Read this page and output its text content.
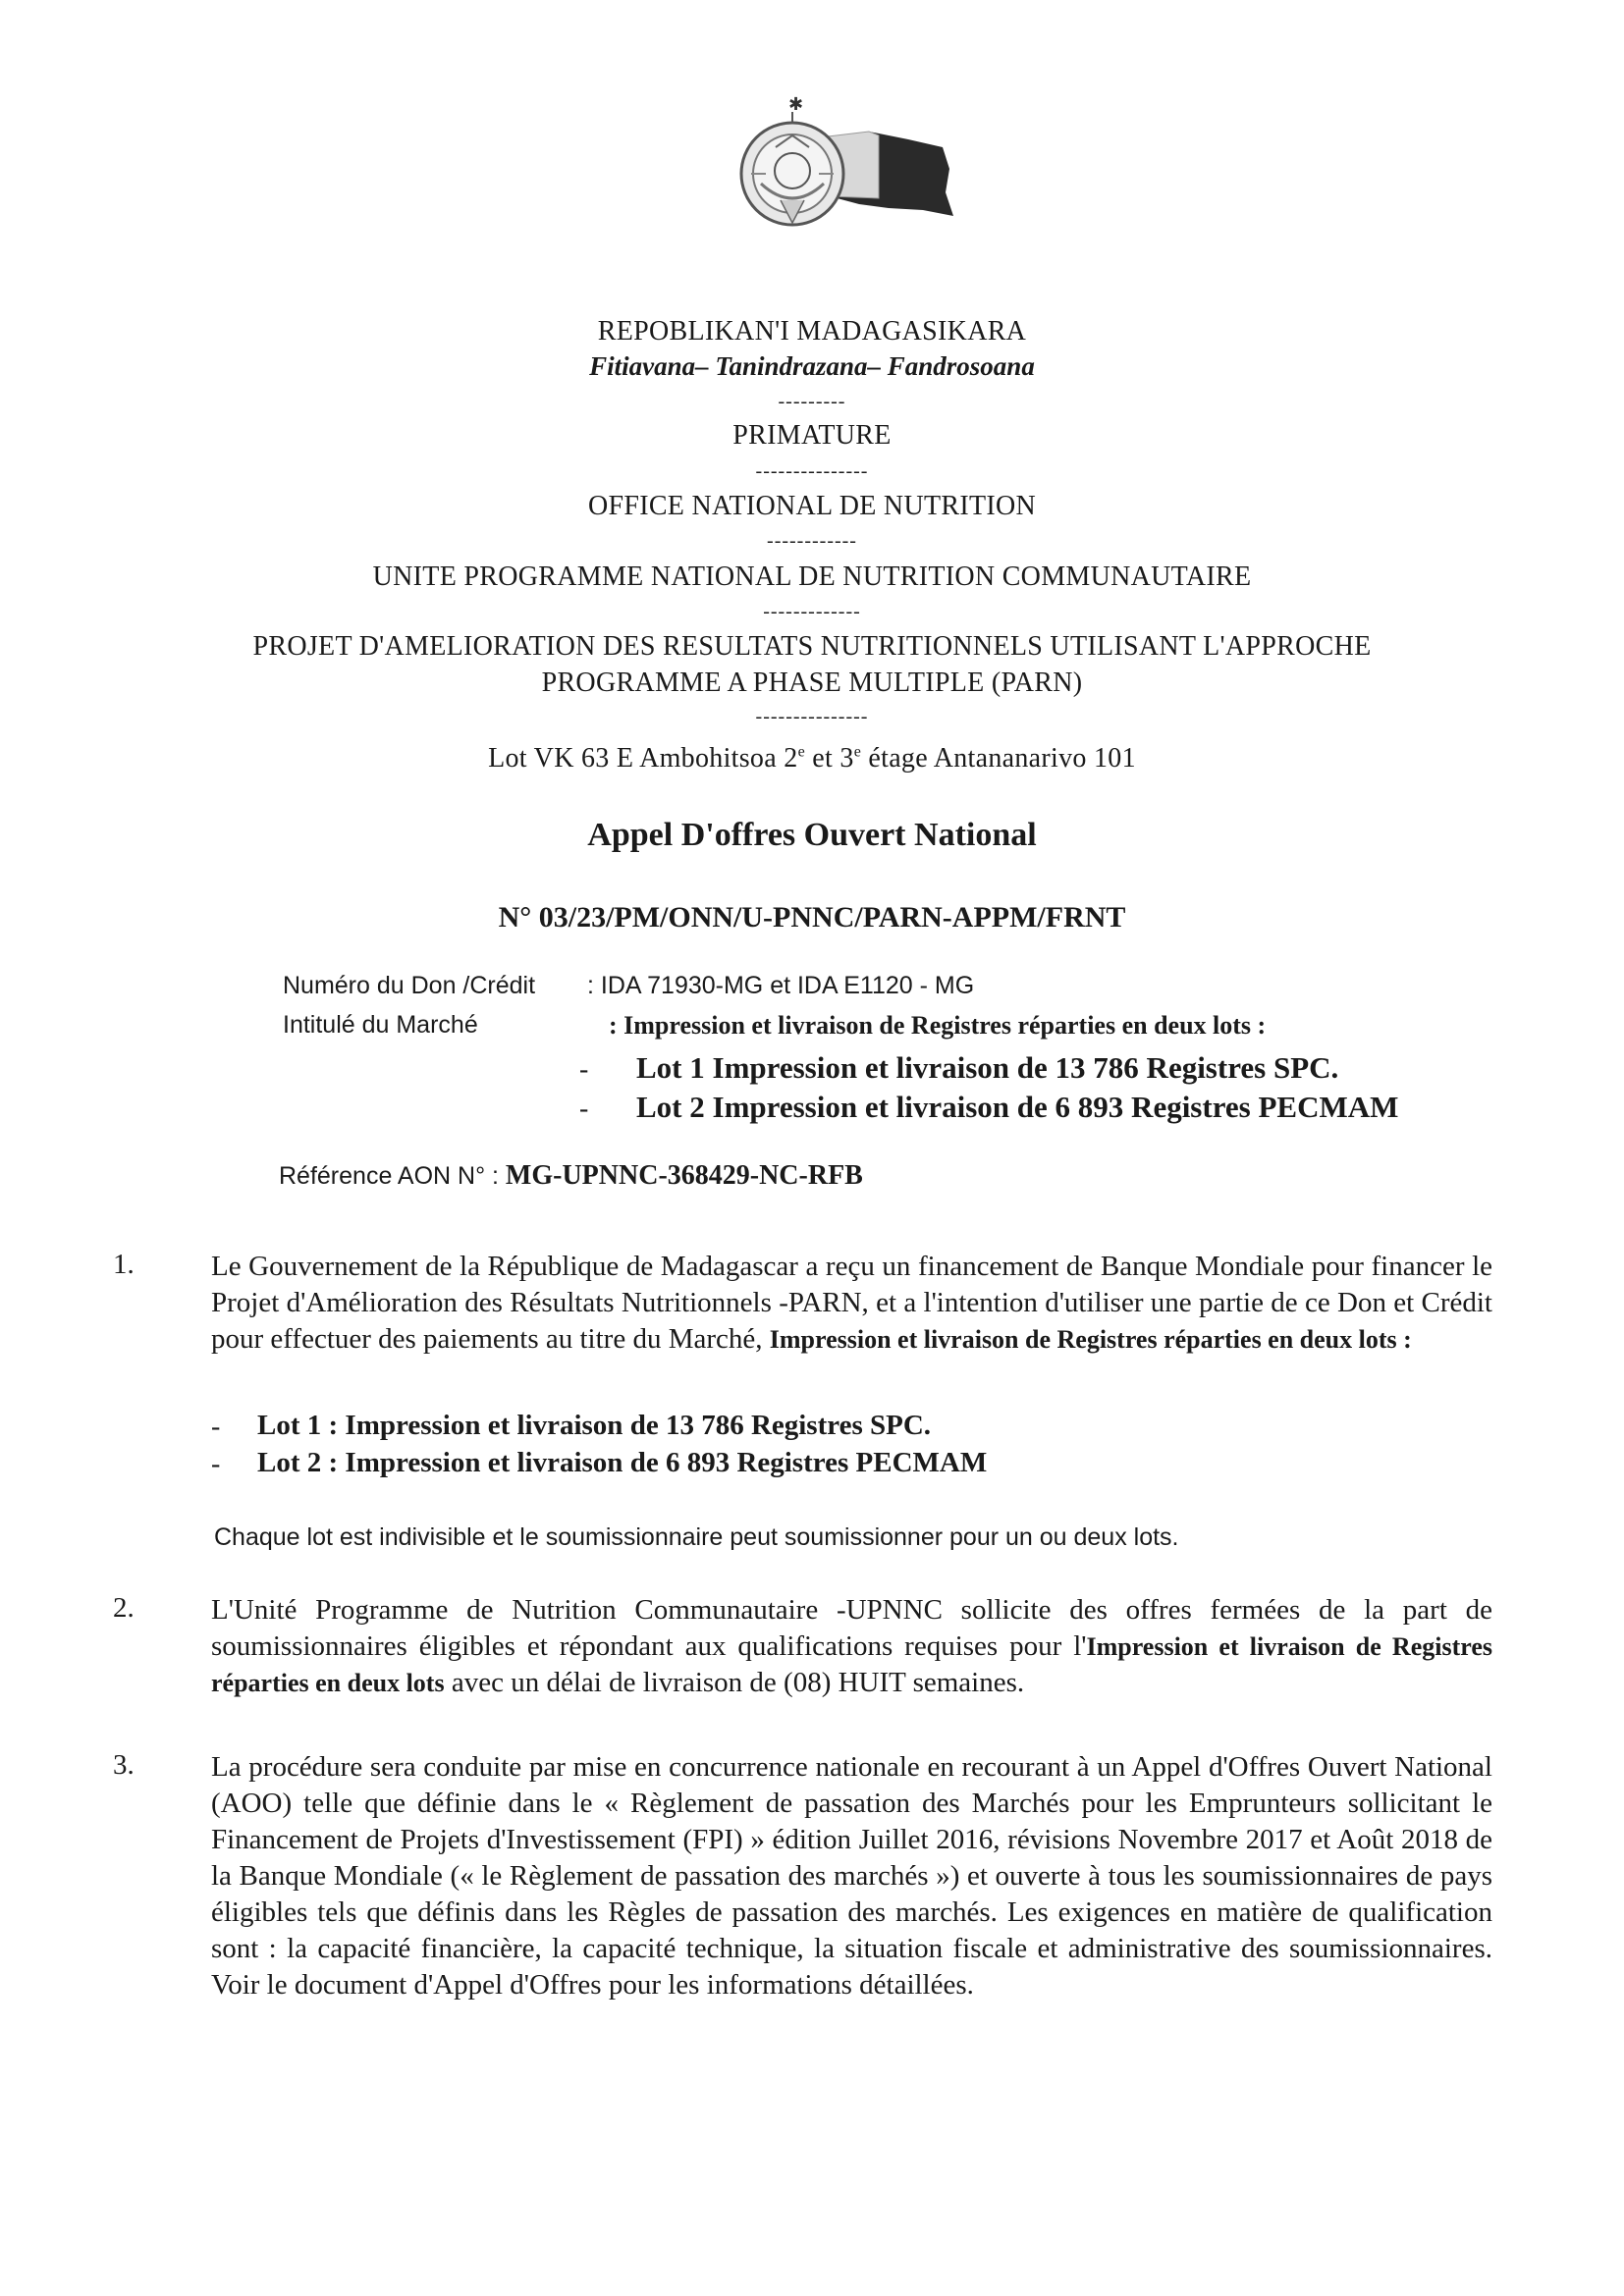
✱
REPOBLIKAN'I MADAGASIKARA
Fitiavana– Tanindrazana– Fandrosoana
---------
PRIMATURE
---------------
OFFICE NATIONAL DE NUTRITION
------------
UNITE PROGRAMME NATIONAL DE NUTRITION COMMUNAUTAIRE
-------------
PROJET D'AMELIORATION DES RESULTATS NUTRITIONNELS UTILISANT L'APPROCHE
PROGRAMME A PHASE MULTIPLE (PARN)
---------------
Lot VK 63 E Ambohitsoa 2e et 3e étage Antananarivo 101
Appel D'offres Ouvert National
N° 03/23/PM/ONN/U-PNNC/PARN-APPM/FRNT
Numéro du Don /Crédit : IDA 71930-MG et IDA E1120 - MG
Intitulé du Marché	: Impression et livraison de Registres réparties en deux lots :
- Lot 1 Impression et livraison de 13 786 Registres SPC.
- Lot 2 Impression et livraison de 6 893 Registres PECMAM
Référence AON N° : MG-UPNNC-368429-NC-RFB
1.	Le Gouvernement de la République de Madagascar a reçu un financement de Banque Mondiale pour financer le Projet d'Amélioration des Résultats Nutritionnels -PARN, et a l'intention d'utiliser une partie de ce Don et Crédit pour effectuer des paiements au titre du Marché, Impression et livraison de Registres réparties en deux lots :
- Lot 1 : Impression et livraison de 13 786 Registres SPC.
- Lot 2 : Impression et livraison de 6 893 Registres PECMAM
Chaque lot est indivisible et le soumissionnaire peut soumissionner pour un ou deux lots.
2.	L'Unité Programme de Nutrition Communautaire -UPNNC sollicite des offres fermées de la part de soumissionnaires éligibles et répondant aux qualifications requises pour l'Impression et livraison de Registres réparties en deux lots avec un délai de livraison de (08) HUIT semaines.
3.	La procédure sera conduite par mise en concurrence nationale en recourant à un Appel d'Offres Ouvert National (AOO) telle que définie dans le « Règlement de passation des Marchés pour les Emprunteurs sollicitant le Financement de Projets d'Investissement (FPI) » édition Juillet 2016, révisions Novembre 2017 et Août 2018 de la Banque Mondiale (« le Règlement de passation des marchés ») et ouverte à tous les soumissionnaires de pays éligibles tels que définis dans les Règles de passation des marchés. Les exigences en matière de qualification sont : la capacité financière, la capacité technique, la situation fiscale et administrative des soumissionnaires. Voir le document d'Appel d'Offres pour les informations détaillées.
